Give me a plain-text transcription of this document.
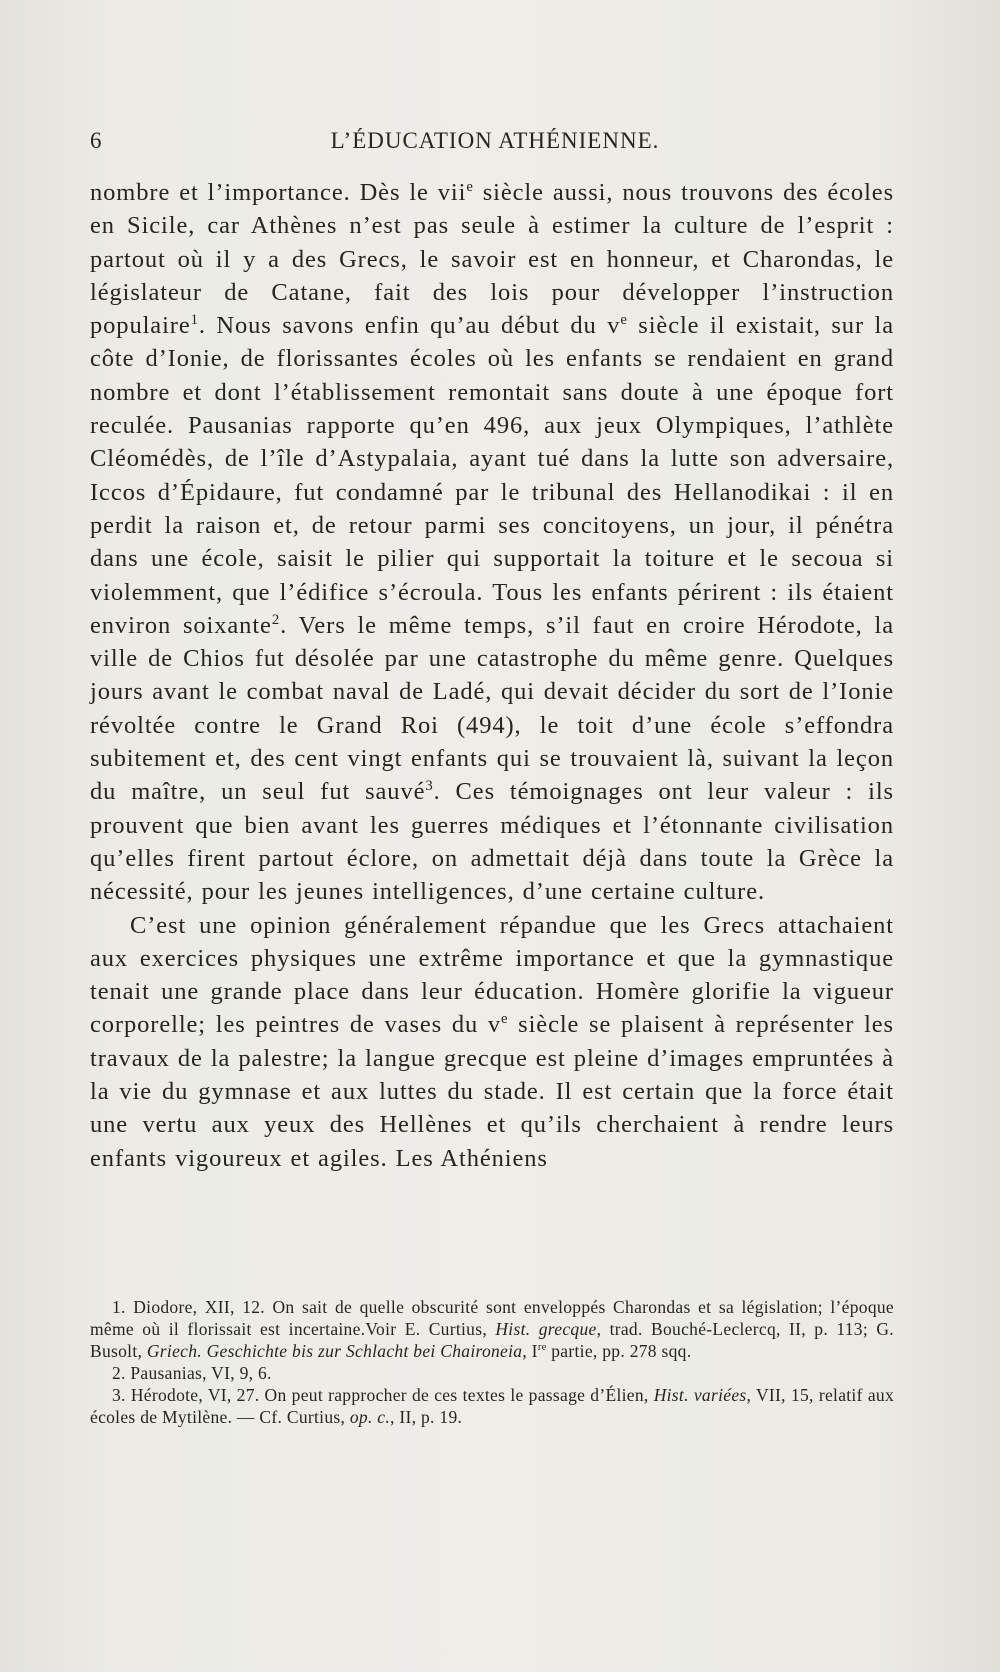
6	L’ÉDUCATION ATHÉNIENNE.

nombre et l’importance. Dès le vii$^e$ siècle aussi, nous trouvons des écoles en Sicile, car Athènes n’est pas seule à estimer la culture de l’esprit : partout où il y a des Grecs, le savoir est en honneur, et Charondas, le législateur de Catane, fait des lois pour développer l’instruction populaire$^1$. Nous savons enfin qu’au début du $v^e$ siècle il existait, sur la côte d’Ionie, de florissantes écoles où les enfants se rendaient en grand nombre et dont l’établissement remontait sans doute à une époque fort reculée. Pausanias rapporte qu’en 496, aux jeux Olympiques, l’athlète Cléomédès, de l’île d’Astypalaia, ayant tué dans la lutte son adversaire, Iccos d’Épidaure, fut condamné par le tribunal des Hellanodikai : il en perdit la raison et, de retour parmi ses concitoyens, un jour, il pénétra dans une école, saisit le pilier qui supportait la toiture et le secoua si violemment, que l’édifice s’écroula. Tous les enfants périrent : ils étaient environ soixante$^2$. Vers le même temps, s’il faut en croire Hérodote, la ville de Chios fut désolée par une catastrophe du même genre. Quelques jours avant le combat naval de Ladé, qui devait décider du sort de l’Ionie révoltée contre le Grand Roi (494), le toit d’une école s’effondra subitement et, des cent vingt enfants qui se trouvaient là, suivant la leçon du maître, un seul fut sauvé$^3$. Ces témoignages ont leur valeur : ils prouvent que bien avant les guerres médiques et l’étonnante civilisation qu’elles firent partout éclore, on admettait déjà dans toute la Grèce la nécessité, pour les jeunes intelligences, d’une certaine culture.

C’est une opinion généralement répandue que les Grecs attachaient aux exercices physiques une extrême importance et que la gymnastique tenait une grande place dans leur éducation. Homère glorifie la vigueur corporelle; les peintres de vases du $v^e$ siècle se plaisent à représenter les travaux de la palestre; la langue grecque est pleine d’images empruntées à la vie du gymnase et aux luttes du stade. Il est certain que la force était une vertu aux yeux des Hellènes et qu’ils cherchaient à rendre leurs enfants vigoureux et agiles. Les Athéniens

1. Diodore, XII, 12. On sait de quelle obscurité sont enveloppés Charondas et sa législation; l’époque même où il florissait est incertaine.Voir E. Curtius, Hist. grecque, trad. Bouché-Leclercq, II, p. 113; G. Busolt, Griech. Geschichte bis zur Schlacht bei Chaironeia, Ire partie, pp. 278 sqq.

2. Pausanias, VI, 9, 6.

3. Hérodote, VI, 27. On peut rapprocher de ces textes le passage d’Élien, Hist. variées, VII, 15, relatif aux écoles de Mytilène. — Cf. Curtius, op. c., II, p. 19.
